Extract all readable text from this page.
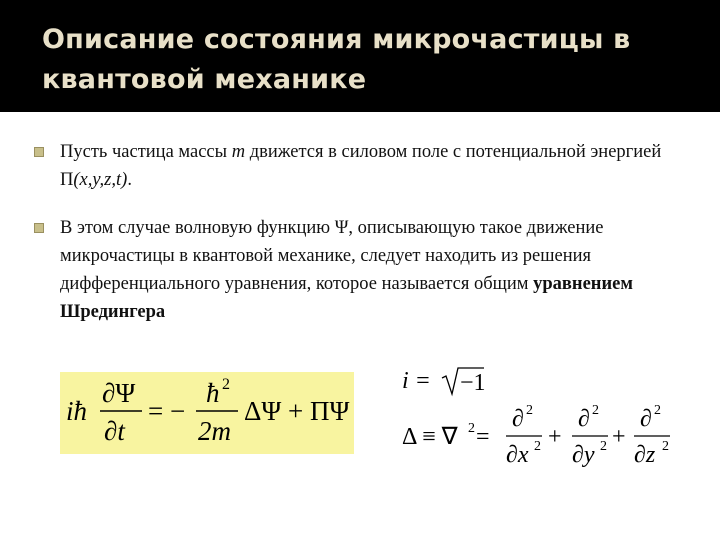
Описание состояния микрочастицы в
квантовой механике
Пусть частица массы m движется в силовом поле с потенциальной энергией П(x,y,z,t).
В этом случае волновую функцию Ψ, описывающую такое движение микрочастицы в квантовой механике, следует находить из решения дифференциального уравнения, которое называется общим уравнением Шредингера
iħ
∂Ψ
∂t
= −
ħ 2
2m
ΔΨ + ΠΨ
i = −1
Δ ≡ ∇ 2 =
∂ 2
∂x 2 +
∂ 2
∂y 2 +
∂ 2
∂z 2
